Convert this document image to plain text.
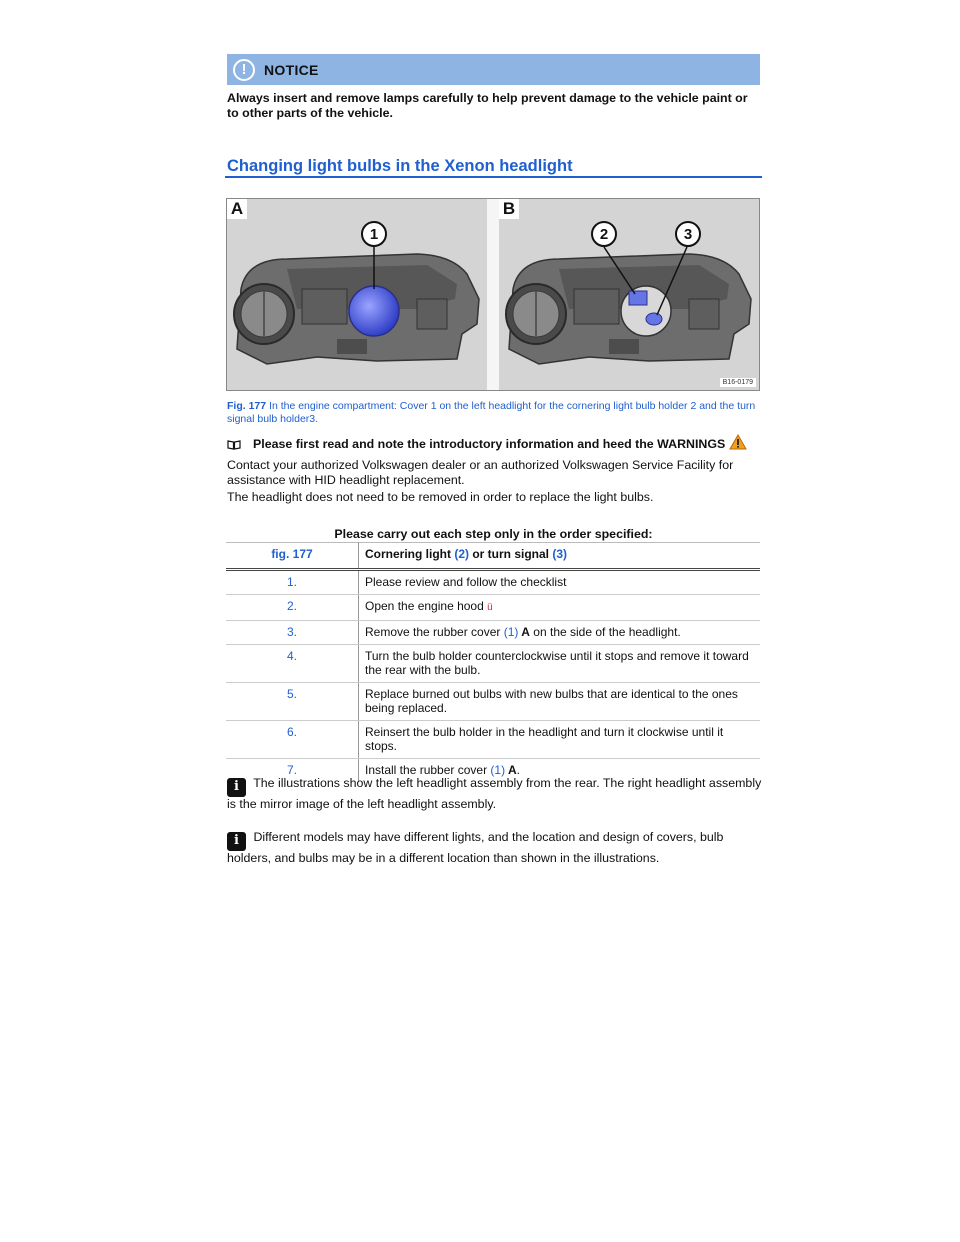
!	NOTICE
Always insert and remove lamps carefully to help prevent damage to the vehicle paint or to other parts of the vehicle.
Changing light bulbs in the Xenon headlight
A
1
B
2	3
B16-0179
Fig. 177 In the engine compartment: Cover 1 on the left headlight for the cornering light bulb holder 2 and the turn signal bulb holder3.
Please first read and note the introductory information and heed the WARNINGS
Contact your authorized Volkswagen dealer or an authorized Volkswagen Service Facility for assistance with HID headlight replacement.
The headlight does not need to be removed in order to replace the light bulbs.
Please carry out each step only in the order specified:
fig. 177	Cornering light (2) or turn signal (3)
1.	Please review and follow the checklist
2.	Open the engine hood ü
3.	Remove the rubber cover (1) A on the side of the headlight.
4.	Turn the bulb holder counterclockwise until it stops and remove it toward the rear with the bulb.
5.	Replace burned out bulbs with new bulbs that are identical to the ones being replaced.
6.	Reinsert the bulb holder in the headlight and turn it clockwise until it stops.
7.	Install the rubber cover (1) A.
i The illustrations show the left headlight assembly from the rear. The right headlight assembly is the mirror image of the left headlight assembly.
i Different models may have different lights, and the location and design of covers, bulb holders, and bulbs may be in a different location than shown in the illustrations.
